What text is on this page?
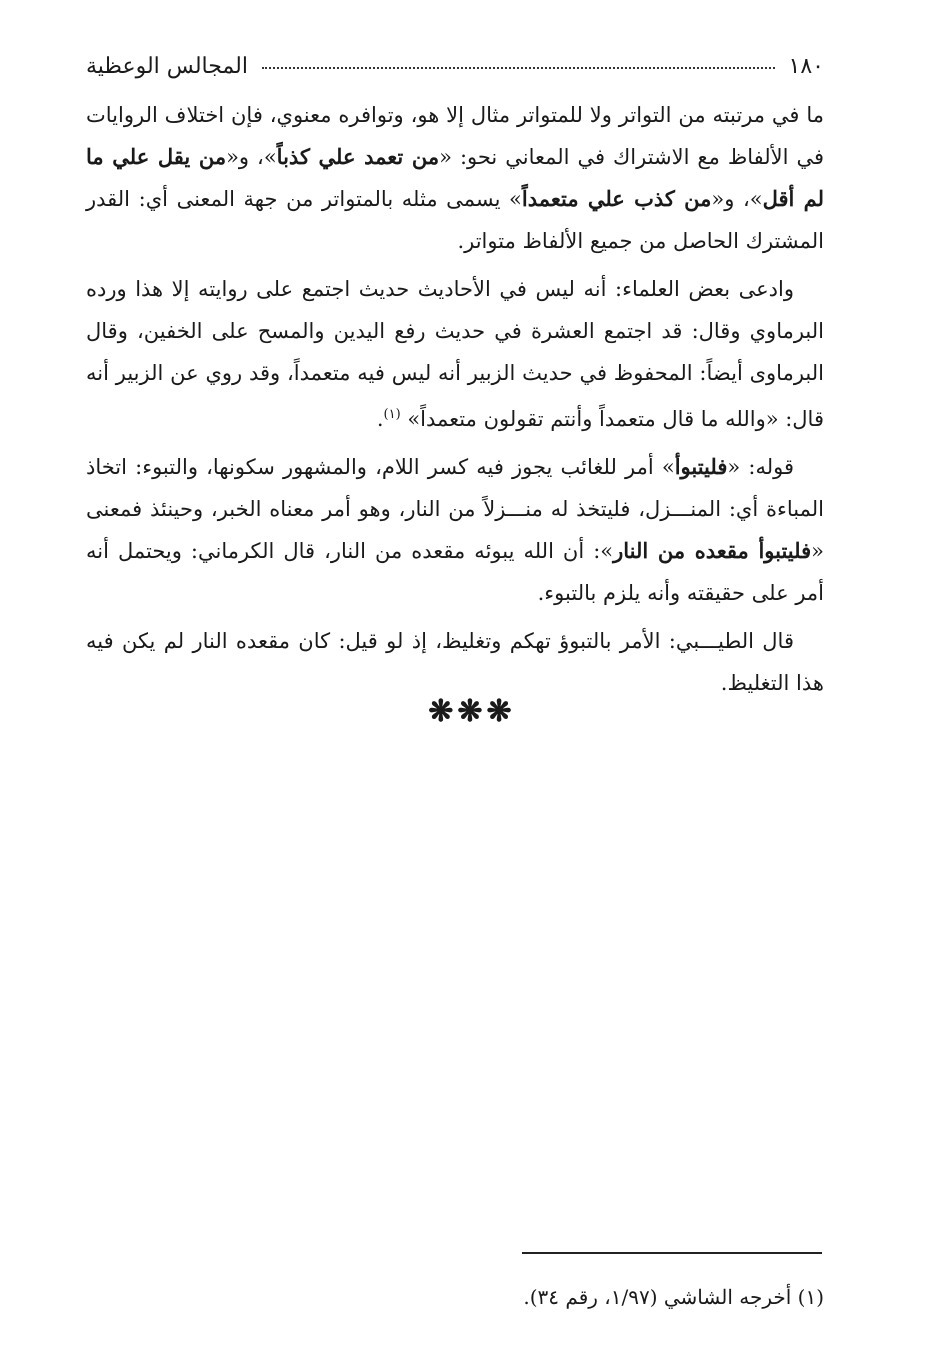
١٨٠
المجالس الوعظية

ما في مرتبته من التواتر ولا للمتواتر مثال إلا هو، وتوافره معنوي، فإن اختلاف الروايات في الألفاظ مع الاشتراك في المعاني نحو: «من تعمد علي كذباً»، و«من يقل علي ما لم أقل»، و«من كذب علي متعمداً» يسمى مثله بالمتواتر من جهة المعنى أي: القدر المشترك الحاصل من جميع الألفاظ متواتر.

وادعى بعض العلماء: أنه ليس في الأحاديث حديث اجتمع على روايته إلا هذا ورده البرماوي وقال: قد اجتمع العشرة في حديث رفع اليدين والمسح على الخفين، وقال البرماوى أيضاً: المحفوظ في حديث الزبير أنه ليس فيه متعمداً، وقد روي عن الزبير أنه قال: «والله ما قال متعمداً وأنتم تقولون متعمداً» $^{(١)}$.

قوله: «فليتبوأ» أمر للغائب يجوز فيه كسر اللام، والمشهور سكونها، والتبوء: اتخاذ المباءة أي: المنـــزل، فليتخذ له منـــزلاً من النار، وهو أمر معناه الخبر، وحينئذ فمعنى «فليتبوأ مقعده من النار»: أن الله يبوئه مقعده من النار، قال الكرماني: ويحتمل أنه أمر على حقيقته وأنه يلزم بالتبوء.

قال الطيـــبي: الأمر بالتبوؤ تهكم وتغليظ، إذ لو قيل: كان مقعده النار لم يكن فيه هذا التغليظ.

❋❋❋
(١) أخرجه الشاشي (١/٩٧، رقم ٣٤).
